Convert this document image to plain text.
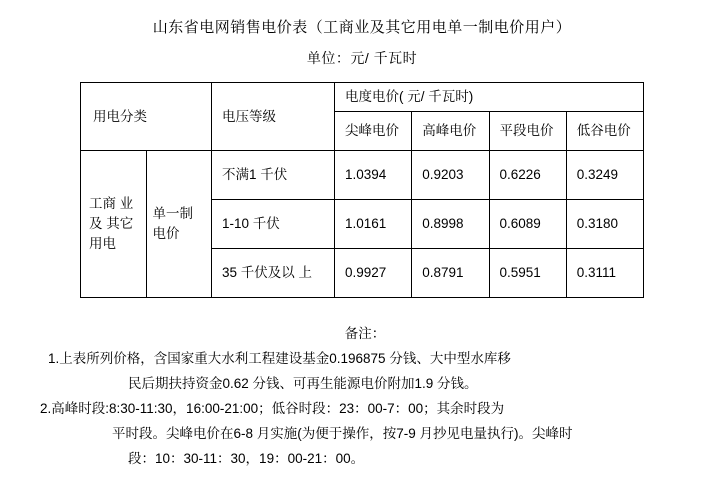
山东省电网销售电价表（工商业及其它用电单一制电价用户）
单位：元/ 千瓦时
用电分类		电压等级	电度电价( 元/ 千瓦时)			
			尖峰电价	高峰电价	平段电价	低谷电价
工商 业及 其它 用电	单一制 电价	不满1 千伏	1.0394	0.9203	0.6226	0.3249
		1-10 千伏	1.0161	0.8998	0.6089	0.3180
		35 千伏及以 上	0.9927	0.8791	0.5951	0.3111
备注：
1.上表所列价格，含国家重大水利工程建设基金0.196875 分钱、大中型水库移
民后期扶持资金0.62 分钱、可再生能源电价附加1.9 分钱。
2.高峰时段:8:30-11:30，16:00-21:00；低谷时段：23：00-7：00；其余时段为
平时段。尖峰电价在6-8 月实施(为便于操作，按7-9 月抄见电量执行)。尖峰时
段：10：30-11：30，19：00-21：00。
